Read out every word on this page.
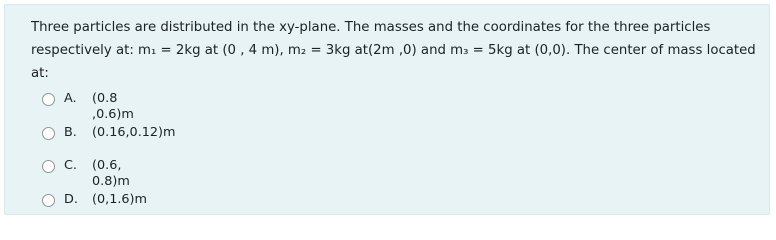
Three particles are distributed in the xy-plane. The masses and the coordinates for the three particles
respectively at: m₁ = 2kg at (0 , 4 m), m₂ = 3kg at(2m ,0) and m₃ = 5kg at (0,0). The center of mass located at:
A. (0.8 ,0.6)m
B. (0.16,0.12)m
C. (0.6, 0.8)m
D. (0,1.6)m
